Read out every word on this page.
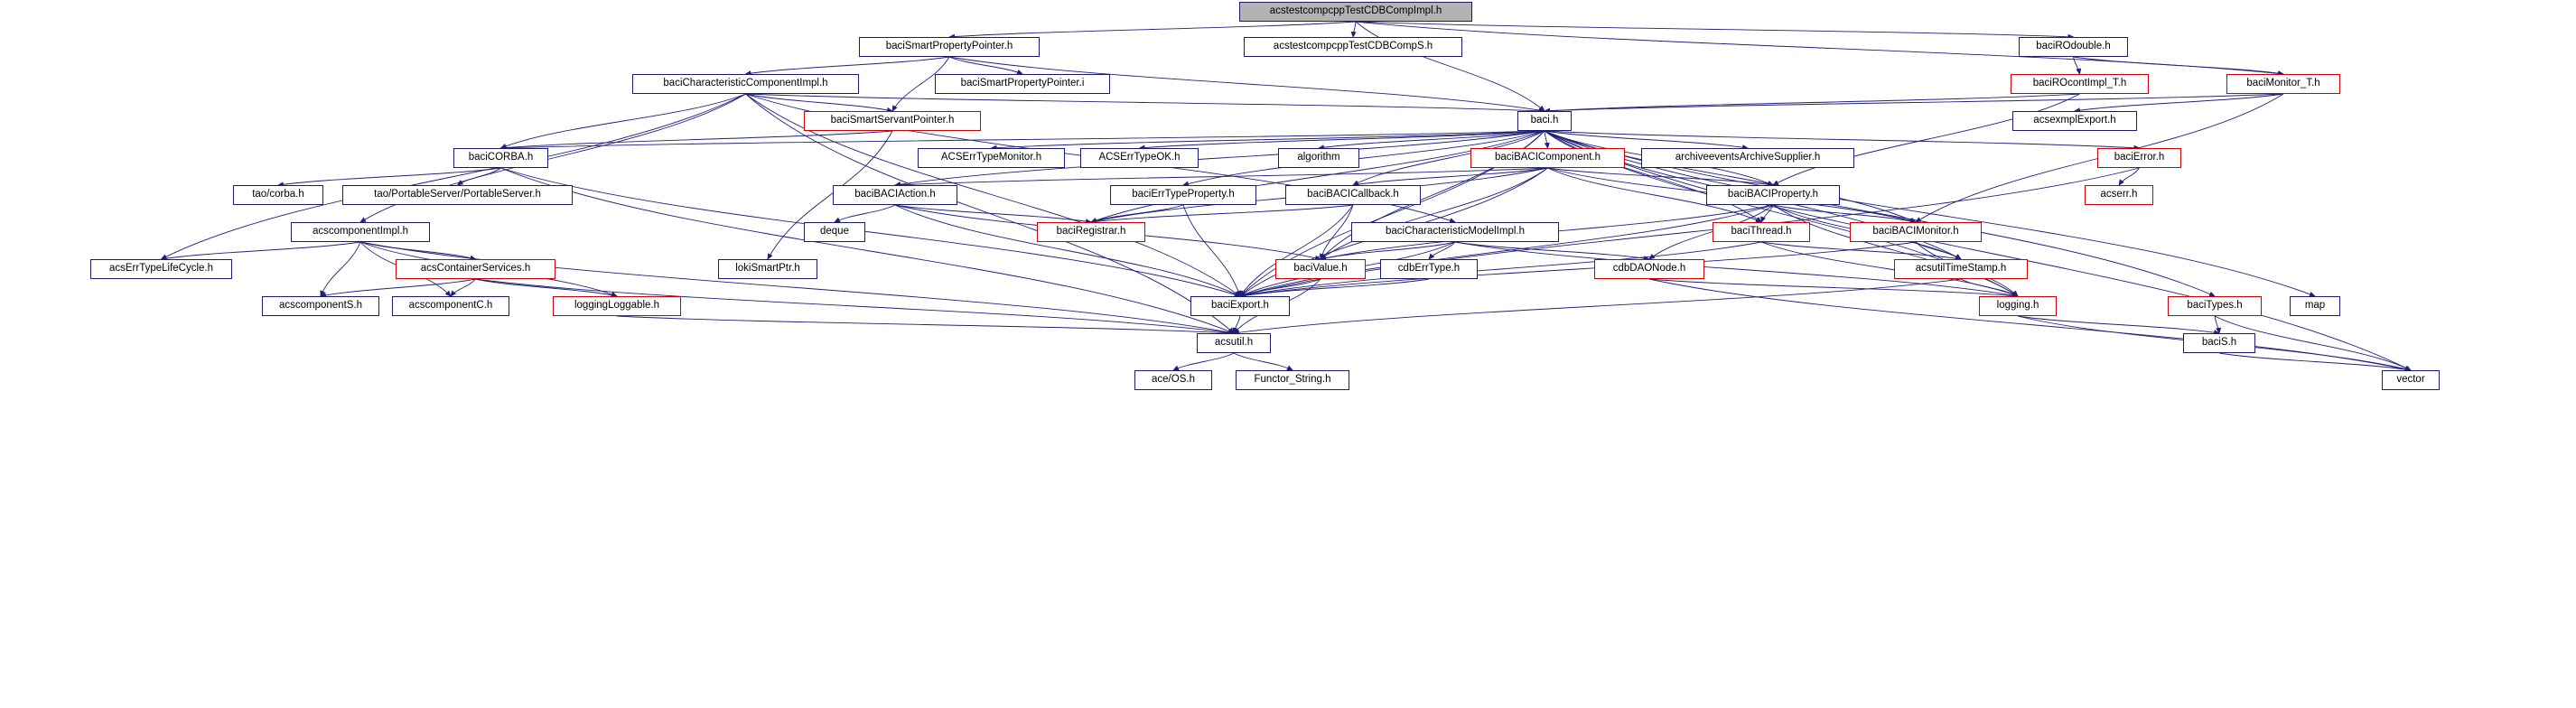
acstestcompcppTestCDBCompImpl.h
baciSmartPropertyPointer.h	acstestcompcppTestCDBCompS.h	baciROdouble.h
baciCharacteristicComponentImpl.h	baciSmartPropertyPointer.i	baciROcontImpl_T.h	baciMonitor_T.h
baciSmartServantPointer.h	baci.h	acsexmplExport.h
baciCORBA.h	ACSErrTypeMonitor.h	ACSErrTypeOK.h	algorithm	baciBACIComponent.h	archiveeventsArchiveSupplier.h	baciError.h
tao/corba.h	tao/PortableServer/PortableServer.h	baciBACIAction.h	baciErrTypeProperty.h	baciBACICallback.h	baciBACIProperty.h	acserr.h
acscomponentImpl.h	deque	baciRegistrar.h	baciCharacteristicModelImpl.h	baciThread.h	baciBACIMonitor.h
acsErrTypeLifeCycle.h	acsContainerServices.h	lokiSmartPtr.h	baciValue.h	cdbErrType.h	cdbDAONode.h	acsutilTimeStamp.h
acscomponentS.h	acscomponentC.h	loggingLoggable.h	baciExport.h	logging.h	baciTypes.h	map
acsutil.h	baciS.h
ace/OS.h	Functor_String.h	vector
